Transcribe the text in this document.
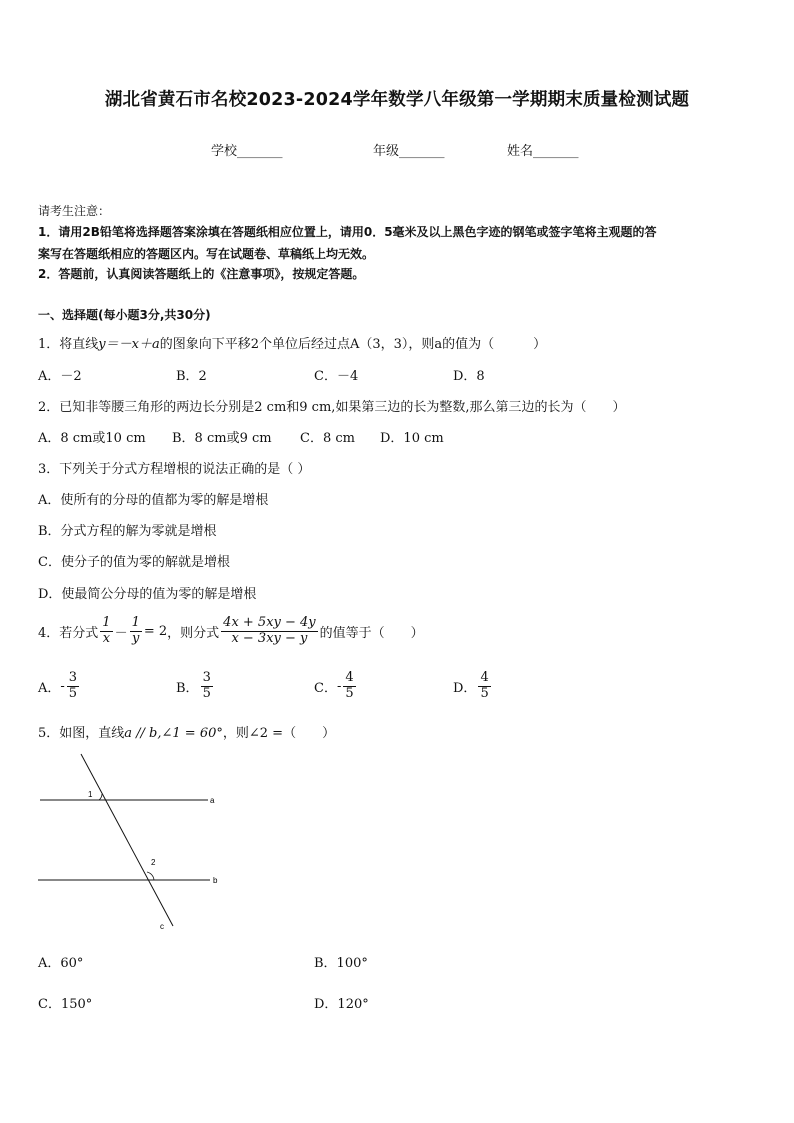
湖北省黄石市名校2023-2024学年数学八年级第一学期期末质量检测试题
学校_______	年级_______	姓名_______
请考生注意：
1．请用2B铅笔将选择题答案涂填在答题纸相应位置上，请用0．5毫米及以上黑色字迹的钢笔或签字笔将主观题的答
案写在答题纸相应的答题区内。写在试题卷、草稿纸上均无效。
2．答题前，认真阅读答题纸上的《注意事项》，按规定答题。
一、选择题(每小题3分,共30分)
1．将直线y＝－x＋a的图象向下平移2个单位后经过点A（3，3），则a的值为（　　　）
A．－2	B．2	C．－4	D．8
2．已知非等腰三角形的两边长分别是2 cm和9 cm,如果第三边的长为整数,那么第三边的长为（　　）
A．8 cm或10 cm B．8 cm或9 cm C．8 cm D．10 cm
3．下列关于分式方程增根的说法正确的是（ ）
A．使所有的分母的值都为零的解是增根
B．分式方程的解为零就是增根
C．使分子的值为零的解就是增根
D．使最简公分母的值为零的解是增根
4．若分式 $\frac{1}{x} - \frac{1}{y} = 2$ ，则分式 $\frac{4x + 5xy - 4y}{x - 3xy - y}$ 的值等于（　　）
A． - $\frac{3}{5}$	B． $\frac{3}{5}$	C． - $\frac{4}{5}$	D． $\frac{4}{5}$
5．如图，直线a // b,∠1 = 60°，则∠2 =（　　）
1
2
a
b
c
A．60°	B．100°
C．150°	D．120°
